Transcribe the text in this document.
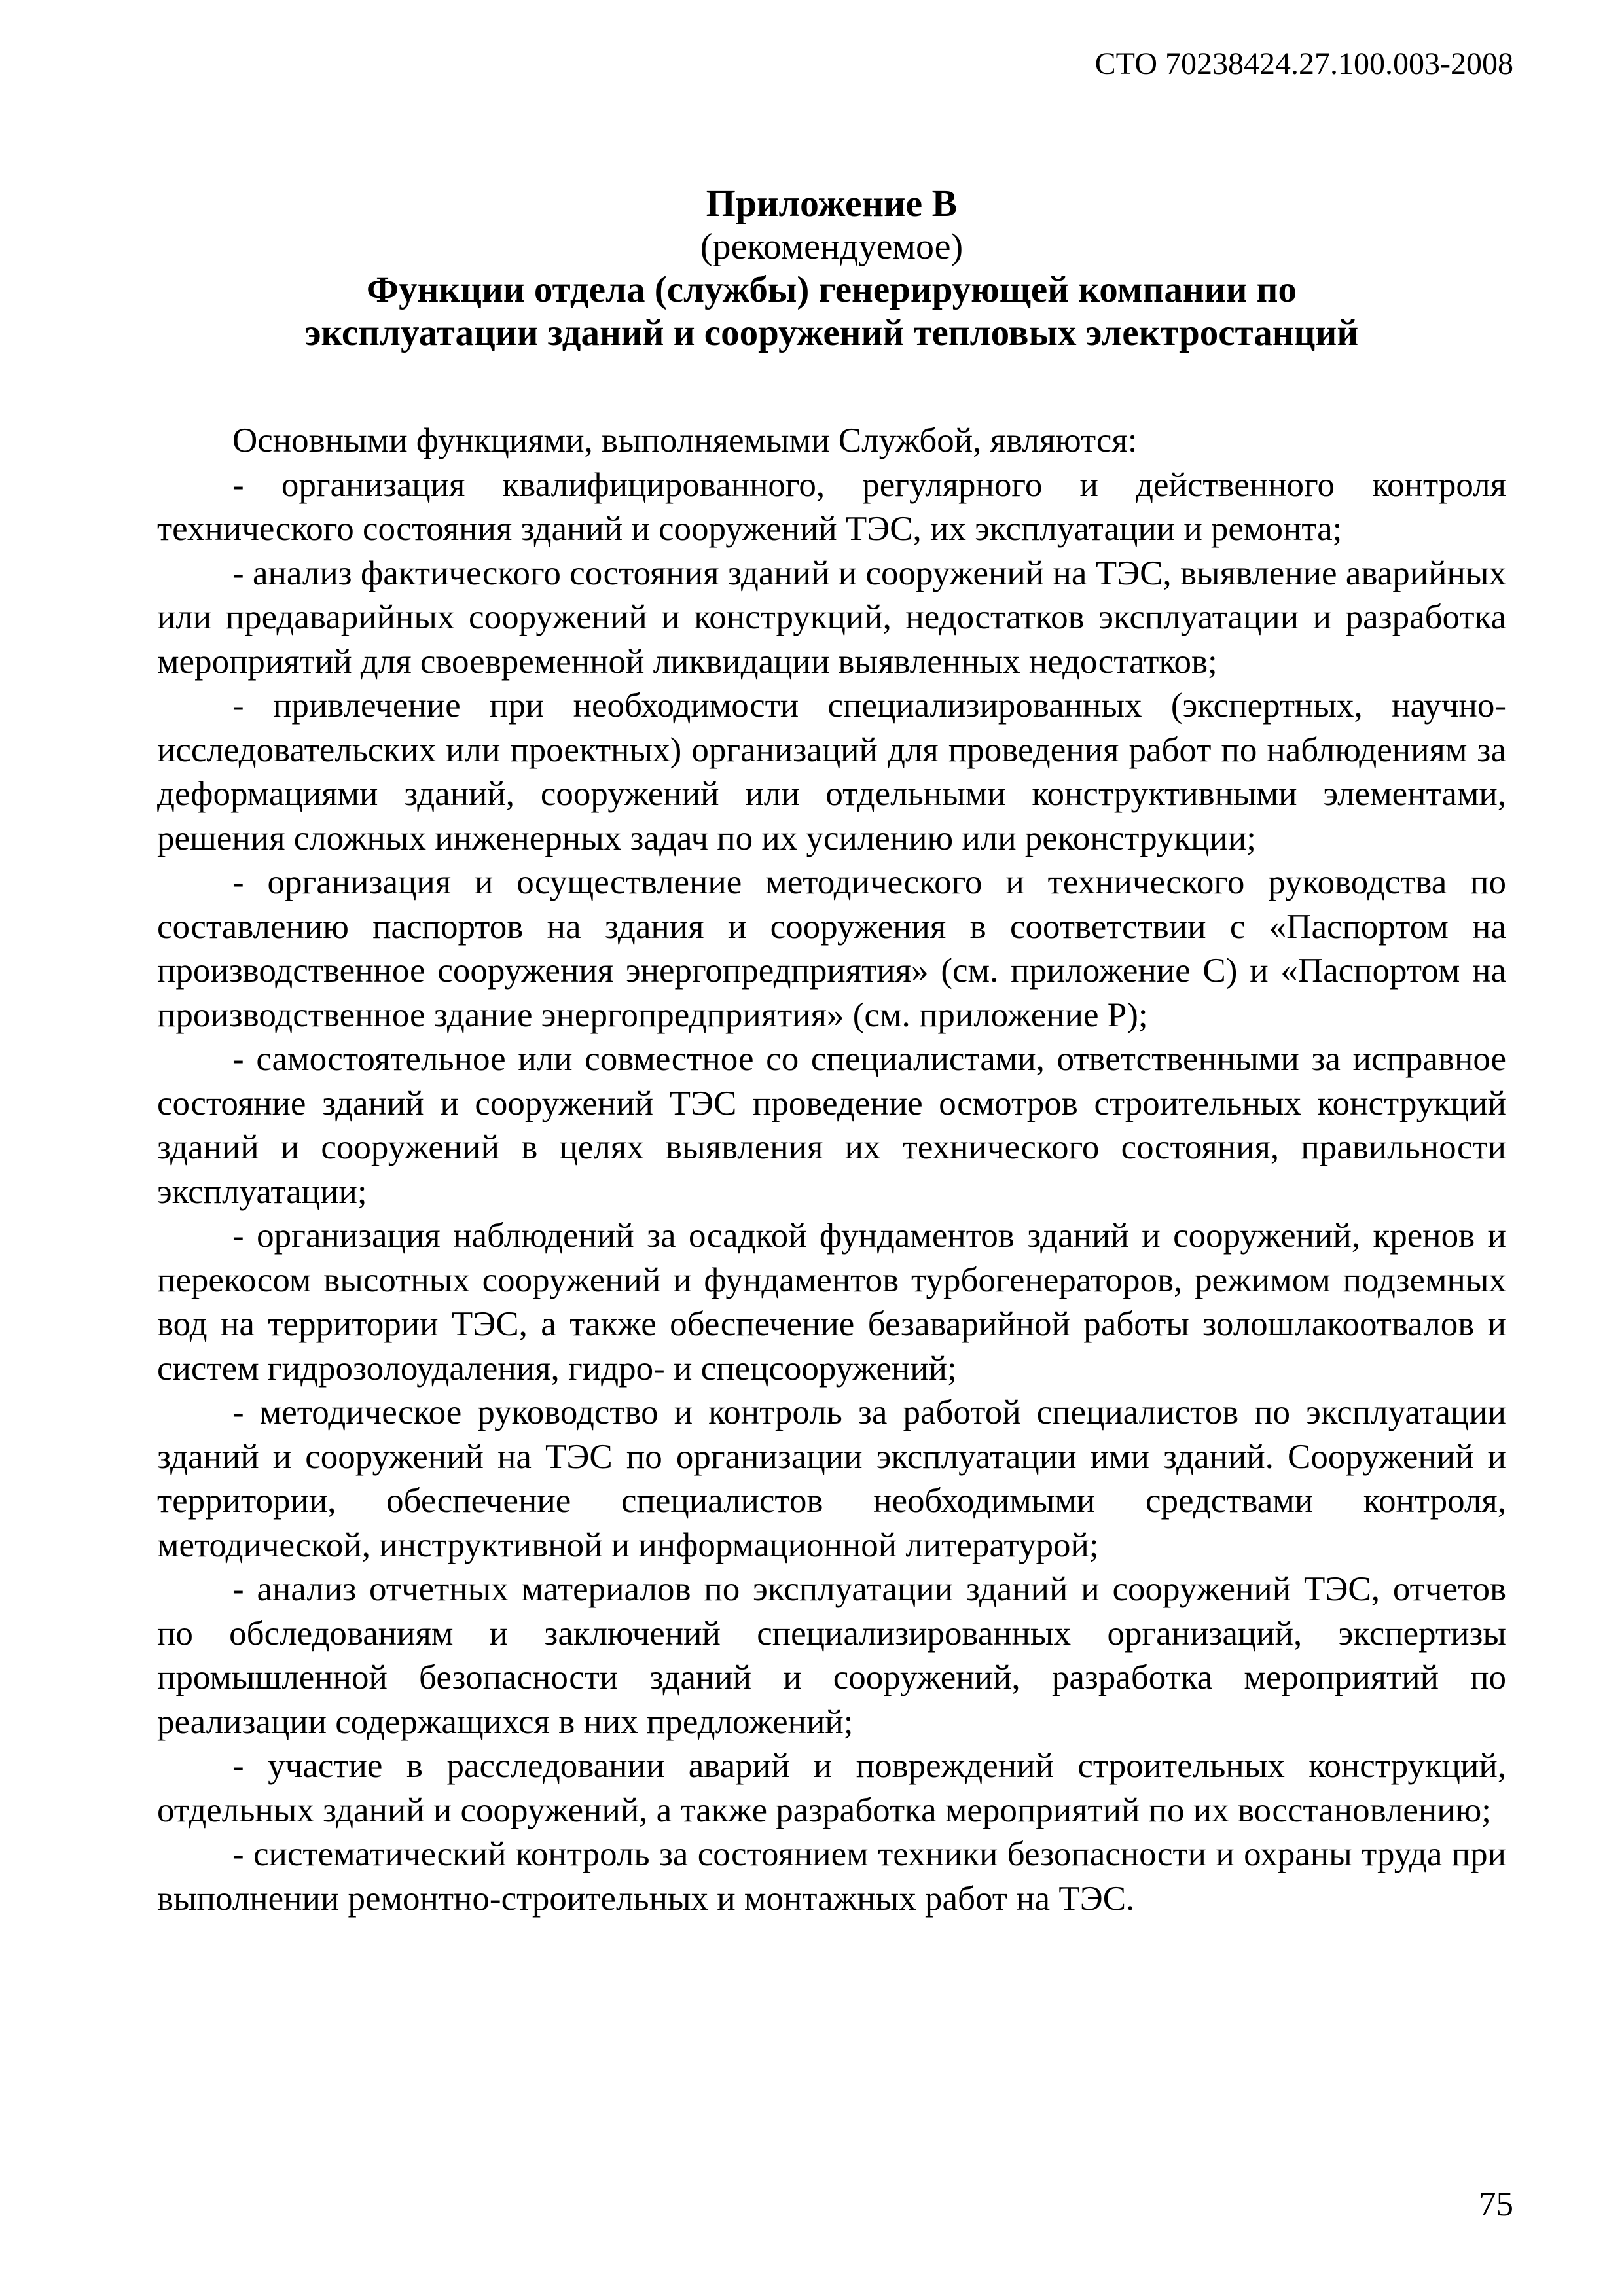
СТО 70238424.27.100.003-2008
Приложение В
(рекомендуемое)
Функции отдела (службы) генерирующей компании по
эксплуатации зданий и сооружений тепловых электростанций

Основными функциями, выполняемыми Службой, являются:

- организация квалифицированного, регулярного и действенного контроля технического состояния зданий и сооружений ТЭС, их эксплуатации и ремонта;

- анализ фактического состояния зданий и сооружений на ТЭС, выявление аварийных или предаварийных сооружений и конструкций, недостатков эксплуатации и разработка мероприятий для своевременной ликвидации выявленных недостатков;

- привлечение при необходимости специализированных (экспертных, научно-исследовательских или проектных) организаций для проведения работ по наблюдениям за деформациями зданий, сооружений или отдельными конструктивными элементами, решения сложных инженерных задач по их усилению или реконструкции;

- организация и осуществление методического и технического руководства по составлению паспортов на здания и сооружения в соответствии с «Паспортом на производственное сооружения энергопредприятия» (см. приложение С) и «Паспортом на производственное здание энергопредприятия» (см. приложение Р);

- самостоятельное или совместное со специалистами, ответственными за исправное состояние зданий и сооружений ТЭС проведение осмотров строительных конструкций зданий и сооружений в целях выявления их технического состояния, правильности эксплуатации;

- организация наблюдений за осадкой фундаментов зданий и сооружений, кренов и перекосом высотных сооружений и фундаментов турбогенераторов, режимом подземных вод на территории ТЭС, а также обеспечение безаварийной работы золошлакоотвалов и систем гидрозолоудаления, гидро- и спецсооружений;

- методическое руководство и контроль за работой специалистов по эксплуатации зданий и сооружений на ТЭС по организации эксплуатации ими зданий. Сооружений и территории, обеспечение специалистов необходимыми средствами контроля, методической, инструктивной и информационной литературой;

- анализ отчетных материалов по эксплуатации зданий и сооружений ТЭС, отчетов по обследованиям и заключений специализированных организаций, экспертизы промышленной безопасности зданий и сооружений, разработка мероприятий по реализации содержащихся в них предложений;

- участие в расследовании аварий и повреждений строительных конструкций, отдельных зданий и сооружений, а также разработка мероприятий по их восстановлению;

- систематический контроль за состоянием техники безопасности и охраны труда при выполнении ремонтно-строительных и монтажных работ на ТЭС.

75
